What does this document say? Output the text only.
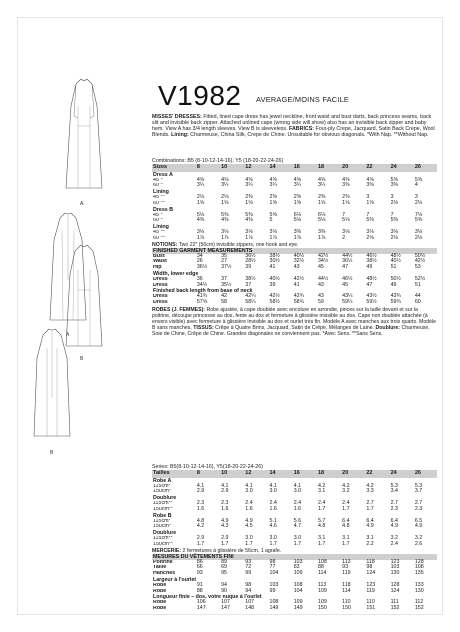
A
A
B
B
V1982 AVERAGE/MOINS FACILE
MISSES' DRESSES: Fitted, lined cape dress has jewel neckline, front waist and bust darts, back princess seams, back slit and invisible back zipper. Attached unlined cape (wrong side will show) also has an invisible back zipper and baby hem. View A has 3/4 length sleeves. View B is sleeveless. FABRICS: Four-ply Crepe, Jacquard, Satin Back Crepe, Wool Blends. Lining: Charmeuse, China Silk, Crepe de Chine. Unsuitable for obvious diagonals. *With Nap. **Without Nap.
Combinations: B5 (8-10-12-14-16), Y5 (18-20-22-24-26)
Sizes	8	10	12	14	16	18	20	22	24	26
Dress A
45"*	4⅝	4⅝	4⅝	4⅝	4⅝	4⅝	4⅝	4⅝	5⅝	5⅝
60"*	3¼	3¼	3¼	3¼	3¼	3¼	3⅜	3⅜	3⅜	4
Lining
45"**	2⅛	2⅛	2⅜	2⅜	2⅜	2⅜	2⅜	3	3	3
60"**	1⅝	1⅝	1⅝	1⅝	1⅝	1⅝	1⅝	1⅝	2⅛	2⅛
Dress B
45"*	5⅛	5⅜	5⅜	5⅝	6⅛	6⅛	7	7	7	7⅛
60"*	4⅜	4⅜	4⅜	5	5⅛	5⅛	5⅛	5⅜	5⅜	5⅜
Lining
45"**	3⅛	3⅛	3⅛	3⅛	3⅜	3⅜	3⅛	3⅛	3⅛	3⅛
60"**	1⅞	1⅞	1⅞	1⅞	1⅞	1⅞	2	2⅛	2⅛	2⅛
NOTIONS: Two 22" (56cm) invisible zippers, one hook and eye.
FINISHED GARMENT MEASUREMENTS
Bust	34	35	36½	38½	40½	42½	44½	46½	48½	50½
Waist	26	27	28½	30½	32½	34½	36½	38½	40½	42½
Hip	36½	37½	39	41	43	45	47	49	51	53
Width, lower edge
Dress	36	37	38½	40½	42½	44½	46½	48½	50½	52½
Dress	34½	35½	37	39	41	43	45	47	49	51
Finished back length from base of neck
Dress	41¾	42	42¼	42½	42¾	43	43¼	43½	43¾	44
Dress	57⅝	58	58¼	58½	58¾	59	59¼	59½	59¾	60
ROBES (J. FEMMES): Robe ajustée, à cape doublée avec encolure en arrondie, pinces sur la taille devant et sur la poitrine, découpe princesse au dos, fente au dos et fermeture à glissière invisible au dos. Cape non doublée attachée (à envers visible) avec fermeture à glissière invisible au dos et ourlet très fin. Modèle A avec manches aux trois quarts. Modèle B sans manches. TISSUS: Crêpe à Quatre Brins, Jacquard, Satin de Crêpe, Mélanges de Laine. Doublure: Charmeuse, Soie de Chine, Crêpe de Chine. Grandes diagonales ne conviennent pas. *Avec Sens. **Sans Sens.
Series: B5(8-10-12-14-16), Y5(18-20-22-24-26)
Tailles	8	10	12	14	16	18	20	22	24	26
Robe A
115cm*	4.1	4.1	4.1	4.1	4.1	4.2	4.2	4.2	5.3	5.3
150cm*	2.9	2.9	3.0	3.0	3.0	3.1	3.2	3.3	3.4	3.7
Doublure
115cm**	2.3	2.3	2.4	2.4	2.4	2.4	2.4	2.7	2.7	2.7
150cm**	1.6	1.6	1.6	1.6	1.6	1.7	1.7	1.7	2.3	2.3
Robe B
115cm*	4.8	4.9	4.9	5.1	5.6	5.7	6.4	6.4	6.4	6.5
150cm*	4.2	4.3	4.5	4.6	4.7	4.8	4.8	4.9	4.9	4.9
Doublure
115cm**	2.9	2.9	3.0	3.0	3.0	3.1	3.1	3.1	3.2	3.2
150cm**	1.7	1.7	1.7	1.7	1.7	1.7	1.7	2.2	2.4	2.6
MERCERIE: 2 fermetures à glissière de 56cm, 1 agrafe.
MESURES DU VÊTEMENTS FINI
Poitrine	86	89	93	98	103	108	113	118	123	128
Taille	66	69	72	77	83	88	93	98	103	108
Hanches	93	95	99	104	109	114	119	124	130	135
Largeur à l'ourlet
Robe	91	94	98	103	108	113	118	123	128	133
Robe	88	90	94	99	104	109	114	119	124	130
Longueur finie – dos, votre nuque à l'ourlet
Robe	106	107	107	108	109	109	110	110	111	112
Robe	147	147	148	149	149	150	150	151	152	152
